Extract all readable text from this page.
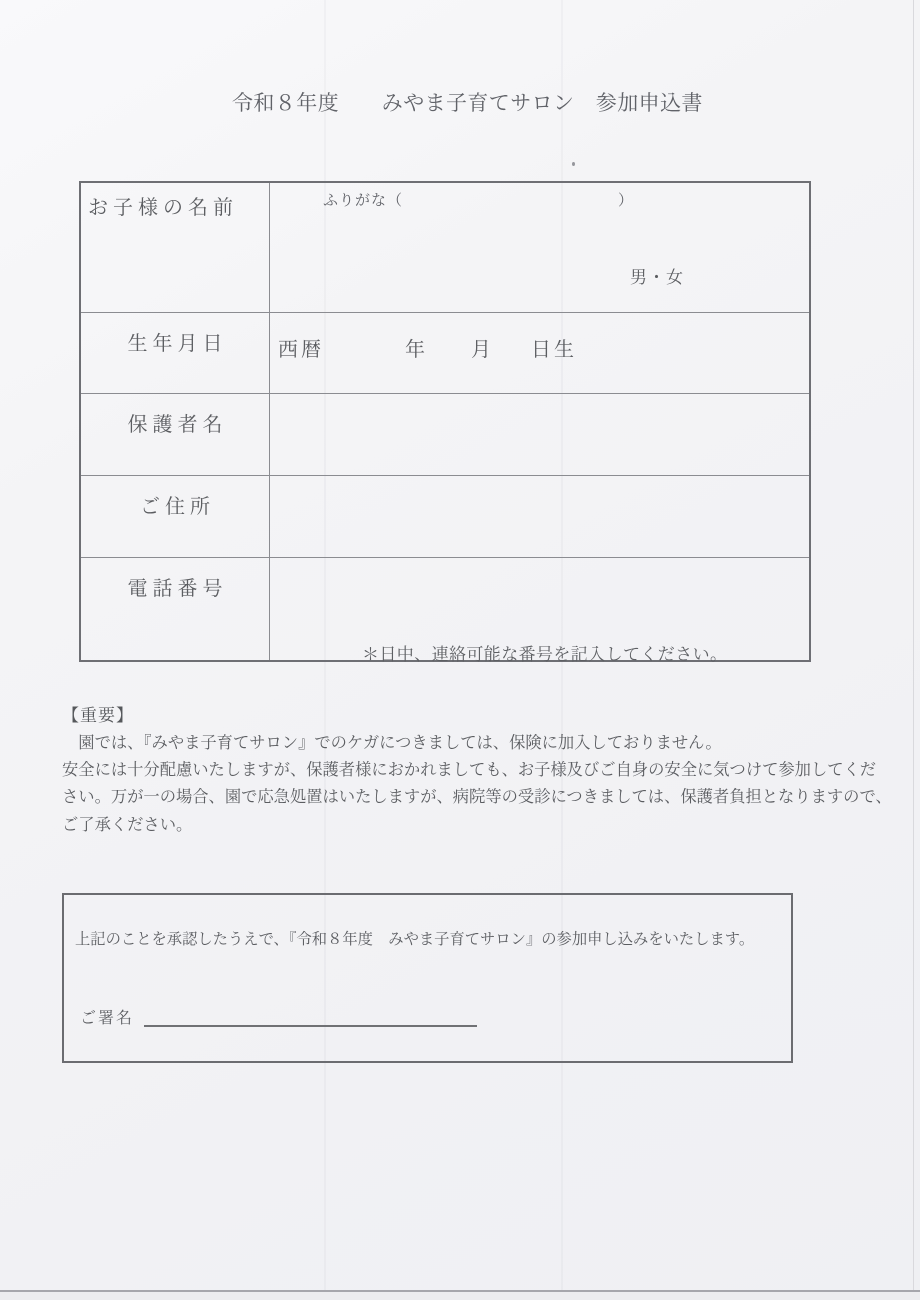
令和８年度　　みやま子育てサロン　参加申込書
お子様の名前	ふりがな（	）
男・女
生年月日	西暦	年 月 日生
保護者名
ご住所
電話番号
＊日中、連絡可能な番号を記入してください。
【重要】
　園では、『みやま子育てサロン』でのケガにつきましては、保険に加入しておりません。
安全には十分配慮いたしますが、保護者様におかれましても、お子様及びご自身の安全に気つけて参加してくだ
さい。万が一の場合、園で応急処置はいたしますが、病院等の受診につきましては、保護者負担となりますので、
ご了承ください。
上記のことを承認したうえで、『令和８年度　みやま子育てサロン』の参加申し込みをいたします。
ご署名
